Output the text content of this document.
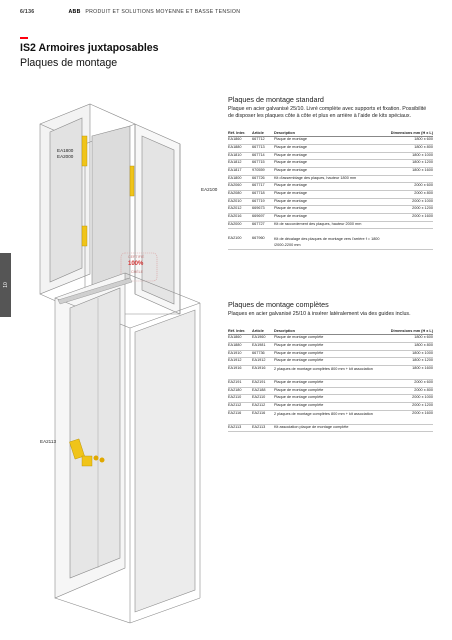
6/136	ABB PRODUIT ET SOLUTIONS MOYENNE ET BASSE TENSION
IS2 Armoires juxtaposables
Plaques de montage
10
EA1800
EA2000
EA2100
Plaques de montage standard
Plaque en acier galvanisé 25/10. Livré complète avec supports et fixation. Possibilité de disposer les plaques côte à côte et plus en arrière à l'aide de kits spéciaux.
Réf. Inter.	Article	Description	Dimensions mm (H x L)
EA1860	667712	Plaque de montage	1800 x 600
EA1880	667713	Plaque de montage	1800 x 800
EA1810	667714	Plaque de montage	1800 x 1000
EA1812	667715	Plaque de montage	1800 x 1200
EA1817	970559	Plaque de montage	1800 x 1600
EA1800	667726	Kit d'assemblage des plaques, hauteur 1800 mm	
EA2060	667717	Plaque de montage	2000 x 600
EA2080	667718	Plaque de montage	2000 x 800
EA2010	667719	Plaque de montage	2000 x 1000
EA2012	669673	Plaque de montage	2000 x 1200
EA2016	669697	Plaque de montage	2000 x 1600
EA2000	667727	Kit de raccordement des plaques, hauteur 2000 mm	

EA2100	667960	Kit de décalage des plaques de montage vers l'arrière f = 1800 /2000-2200 mm	
CERTIFIÉ
100%
CHÉLE
EA2113
Plaques de montage complètes
Plaques en acier galvanisé 25/10 à insérer latéralement via des guides inclus.
Réf. Inter.	Article	Description	Dimensions mm (H x L)
EA1860	EA1960	Plaque de montage complète	1800 x 600
EA1880	EA1981	Plaque de montage complète	1800 x 800
EA1910	667736	Plaque de montage complète	1800 x 1000
EA1912	EA1912	Plaque de montage complète	1800 x 1200
EA1916	EA1916	2 plaques de montage complètes 800 mm + kit association	1800 x 1600
EA2191	EA2191	Plaque de montage complète	2000 x 600
EA2180	EA2188	Plaque de montage complète	2000 x 800
EA2110	EA2110	Plaque de montage complète	2000 x 1000
EA2112	EA2112	Plaque de montage complète	2000 x 1200
EA2116	EA2116	2 plaques de montage complètes 800 mm + kit association	2000 x 1600
EA2113	EA2113	Kit association plaque de montage complète	
